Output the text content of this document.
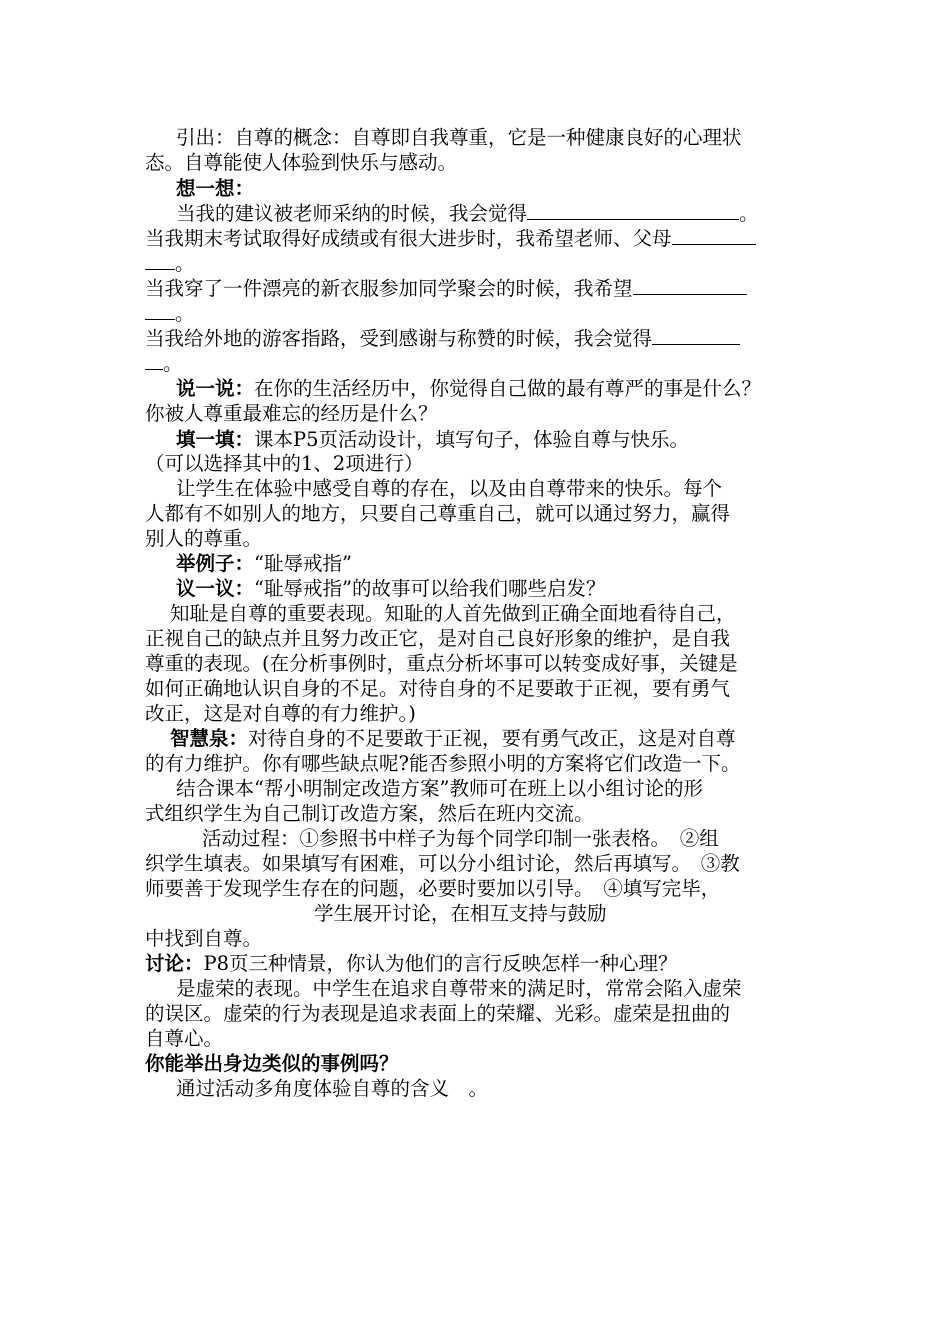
引出：自尊的概念：自尊即自我尊重，它是一种健康良好的心理状
态。自尊能使人体验到快乐与感动。
想一想：
当我的建议被老师采纳的时候，我会觉得	。
当我期末考试取得好成绩或有很大进步时，我希望老师、父母
。
当我穿了一件漂亮的新衣服参加同学聚会的时候，我希望
。
当我给外地的游客指路，受到感谢与称赞的时候，我会觉得
。
说一说：在你的生活经历中，你觉得自己做的最有尊严的事是什么？
你被人尊重最难忘的经历是什么？
填一填：课本P5页活动设计，填写句子，体验自尊与快乐。
（可以选择其中的1、2项进行）
让学生在体验中感受自尊的存在，以及由自尊带来的快乐。每个
人都有不如别人的地方，只要自己尊重自己，就可以通过努力，赢得
别人的尊重。
举例子：“耻辱戒指”
议一议：“耻辱戒指”的故事可以给我们哪些启发？
知耻是自尊的重要表现。知耻的人首先做到正确全面地看待自己，
正视自己的缺点并且努力改正它，是对自己良好形象的维护，是自我
尊重的表现。(在分析事例时，重点分析坏事可以转变成好事，关键是
如何正确地认识自身的不足。对待自身的不足要敢于正视，要有勇气
改正，这是对自尊的有力维护。)
智慧泉：对待自身的不足要敢于正视，要有勇气改正，这是对自尊
的有力维护。你有哪些缺点呢?能否参照小明的方案将它们改造一下。
结合课本“帮小明制定改造方案”教师可在班上以小组讨论的形
式组织学生为自己制订改造方案，然后在班内交流。
活动过程：①参照书中样子为每个同学印制一张表格。　②组
织学生填表。如果填写有困难，可以分小组讨论，然后再填写。　③教
师要善于发现学生存在的问题，必要时要加以引导。　④填写完毕，
学生展开讨论，在相互支持与鼓励
中找到自尊。
讨论：P8页三种情景，你认为他们的言行反映怎样一种心理？
是虚荣的表现。中学生在追求自尊带来的满足时，常常会陷入虚荣
的误区。虚荣的行为表现是追求表面上的荣耀、光彩。虚荣是扭曲的
自尊心。
你能举出身边类似的事例吗？
通过活动多角度体验自尊的含义　。
